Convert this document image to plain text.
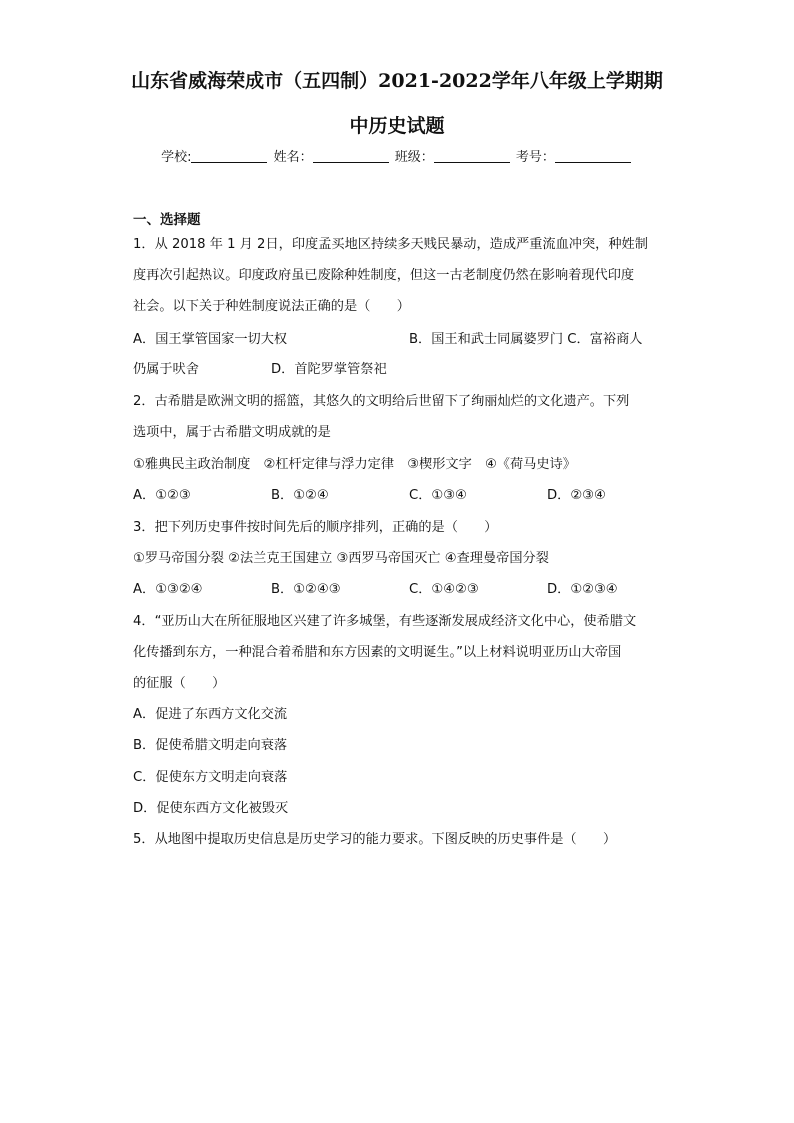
山东省威海荣成市（五四制）2021-2022学年八年级上学期期
中历史试题
学校:	姓名：	班级：	考号：
一、选择题
1．从 2018 年 1 月 2日，印度孟买地区持续多天贱民暴动，造成严重流血冲突，种姓制
度再次引起热议。印度政府虽已废除种姓制度，但这一古老制度仍然在影响着现代印度
社会。以下关于种姓制度说法正确的是（　　）
A．国王掌管国家一切大权	B．国王和武士同属婆罗门 C．富裕商人
仍属于吠舍	D．首陀罗掌管祭祀
2．古希腊是欧洲文明的摇篮，其悠久的文明给后世留下了绚丽灿烂的文化遗产。下列
选项中，属于古希腊文明成就的是
①雅典民主政治制度　②杠杆定律与浮力定律　③楔形文字　④《荷马史诗》
A．①②③	B．①②④	C．①③④	D．②③④
3．把下列历史事件按时间先后的顺序排列，正确的是（　　）
①罗马帝国分裂 ②法兰克王国建立 ③西罗马帝国灭亡 ④查理曼帝国分裂
A．①③②④	B．①②④③	C．①④②③	D．①②③④
4．“亚历山大在所征服地区兴建了许多城堡，有些逐渐发展成经济文化中心，使希腊文
化传播到东方，一种混合着希腊和东方因素的文明诞生。”以上材料说明亚历山大帝国
的征服（　　）
A．促进了东西方文化交流
B．促使希腊文明走向衰落
C．促使东方文明走向衰落
D．促使东西方文化被毁灭
5．从地图中提取历史信息是历史学习的能力要求。下图反映的历史事件是（　　）
